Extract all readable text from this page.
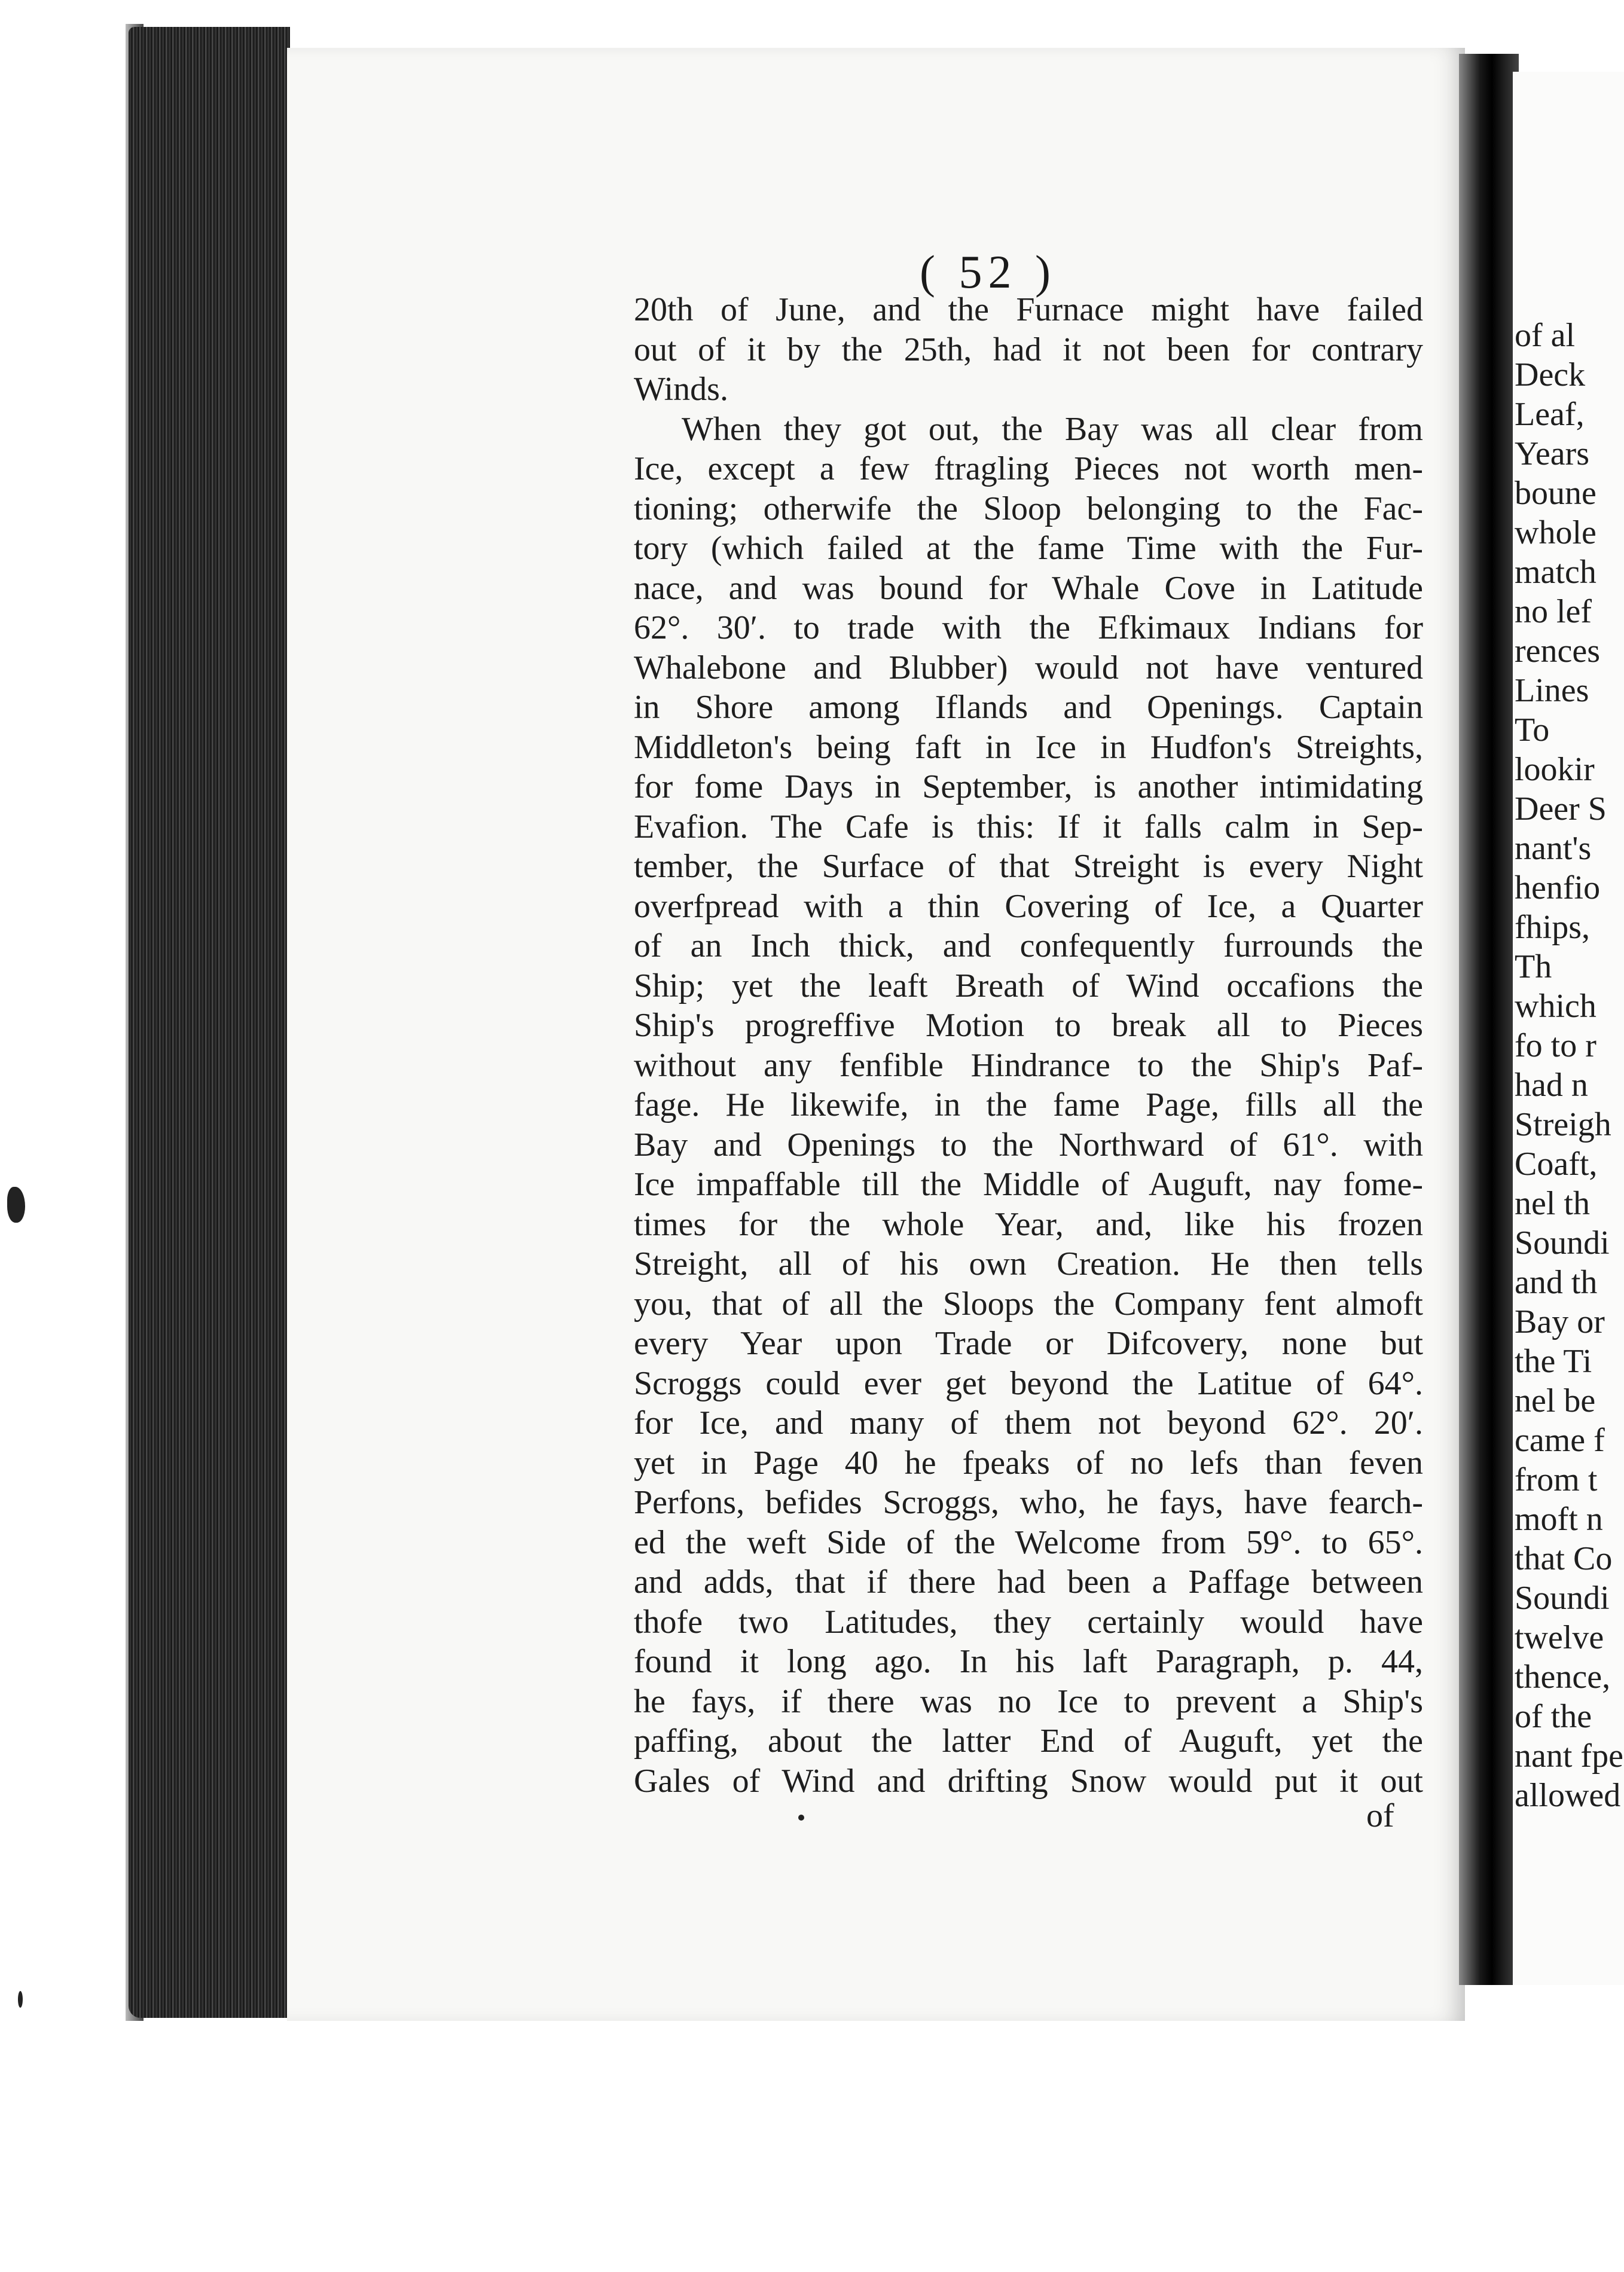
( 52 )
20th of June, and the Furnace might have failed
out of it by the 25th, had it not been for contrary
Winds.
When they got out, the Bay was all clear from
Ice, except a few ftragling Pieces not worth men-
tioning; otherwife the Sloop belonging to the Fac-
tory (which failed at the fame Time with the Fur-
nace, and was bound for Whale Cove in Latitude
62°. 30′. to trade with the Efkimaux Indians for
Whalebone and Blubber) would not have ventured
in Shore among Iflands and Openings. Captain
Middleton's being faft in Ice in Hudfon's Streights,
for fome Days in September, is another intimidating
Evafion. The Cafe is this: If it falls calm in Sep-
tember, the Surface of that Streight is every Night
overfpread with a thin Covering of Ice, a Quarter
of an Inch thick, and confequently furrounds the
Ship; yet the leaft Breath of Wind occafions the
Ship's progreffive Motion to break all to Pieces
without any fenfible Hindrance to the Ship's Paf-
fage. He likewife, in the fame Page, fills all the
Bay and Openings to the Northward of 61°. with
Ice impaffable till the Middle of Auguft, nay fome-
times for the whole Year, and, like his frozen
Streight, all of his own Creation. He then tells
you, that of all the Sloops the Company fent almoft
every Year upon Trade or Difcovery, none but
Scroggs could ever get beyond the Latitue of 64°.
for Ice, and many of them not beyond 62°. 20′.
yet in Page 40 he fpeaks of no lefs than feven
Perfons, befides Scroggs, who, he fays, have fearch-
ed the weft Side of the Welcome from 59°. to 65°.
and adds, that if there had been a Paffage between
thofe two Latitudes, they certainly would have
found it long ago. In his laft Paragraph, p. 44,
he fays, if there was no Ice to prevent a Ship's
paffing, about the latter End of Auguft, yet the
Gales of Wind and drifting Snow would put it out
of
of al
Deck
Leaf,
Years
boune
whole
match
no lef
rences
Lines
To
lookir
Deer S
nant's
henfio
fhips,
Th
which
fo to r
had n
Streigh
Coaft,
nel th
Soundi
and th
Bay or
the Ti
nel be
came f
from t
moft n
that Co
Soundi
twelve
thence,
of the
nant fpe
allowed
